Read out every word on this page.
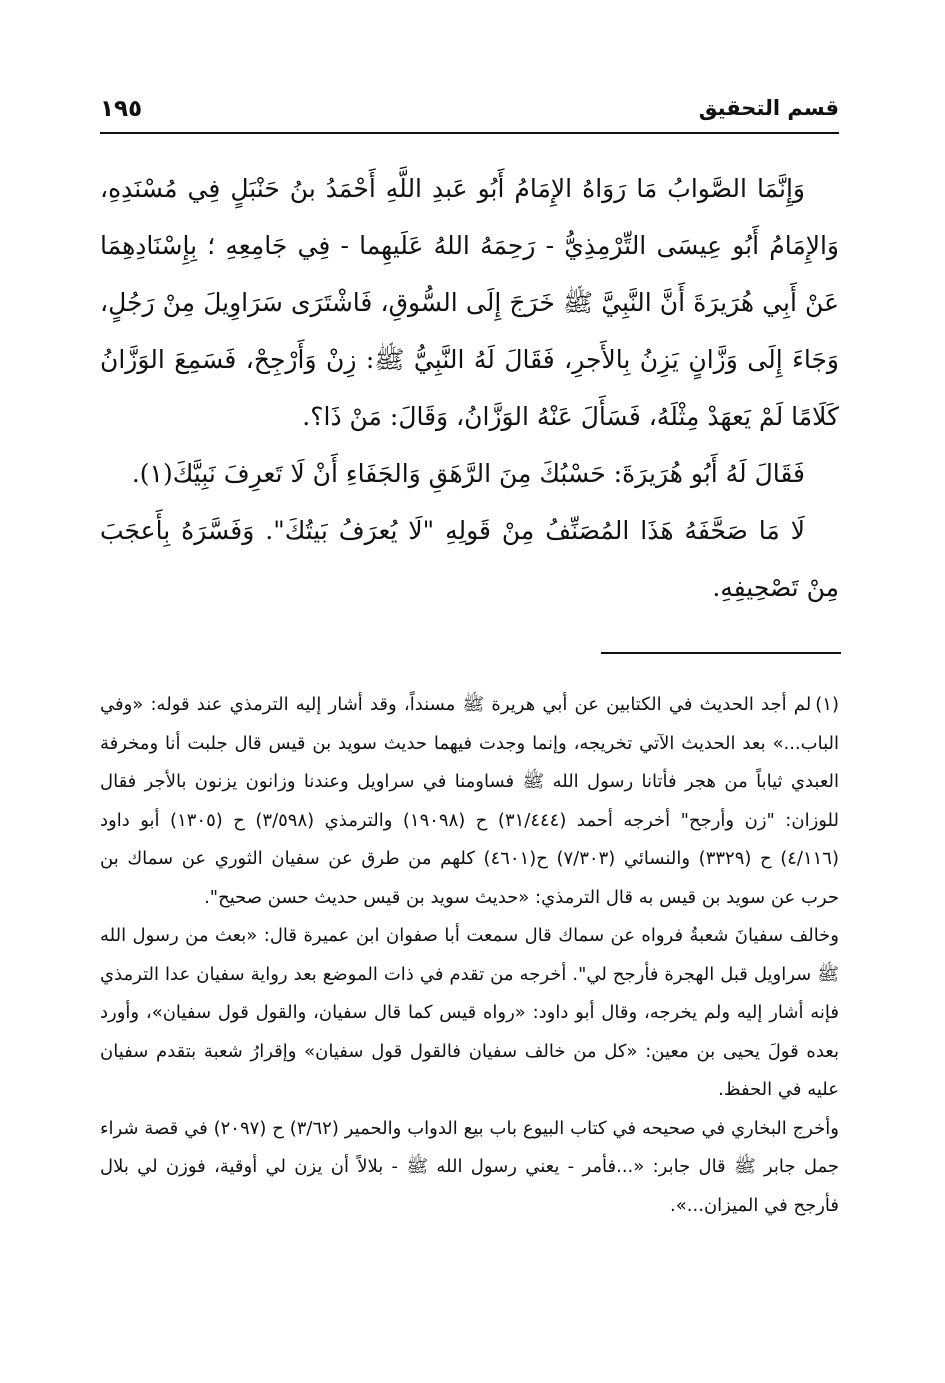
قسم التحقيق
١٩٥

وَإِنَّمَا الصَّوابُ مَا رَوَاهُ الإِمَامُ أَبُو عَبدِ اللَّهِ أَحْمَدُ بنُ حَنْبَلٍ فِي مُسْنَدِهِ، وَالإِمَامُ أَبُو عِيسَى التِّرْمِذِيُّ - رَحِمَهُ اللهُ عَلَيهِما - فِي جَامِعِهِ ؛ بِإِسْنَادِهِمَا عَنْ أَبِي هُرَيرَةَ أَنَّ النَّبِيَّ ﷺ خَرَجَ إِلَى السُّوقِ، فَاشْتَرَى سَرَاوِيلَ مِنْ رَجُلٍ، وَجَاءَ إِلَى وَزَّانٍ يَزِنُ بِالأَجرِ، فَقَالَ لَهُ النَّبِيُّ ﷺ: زِنْ وَأَرْجِحْ، فَسَمِعَ الوَزَّانُ كَلَامًا لَمْ يَعهَدْ مِثْلَهُ، فَسَأَلَ عَنْهُ الوَزَّانُ، وَقَالَ: مَنْ ذَا؟.

فَقَالَ لَهُ أَبُو هُرَيرَةَ: حَسْبُكَ مِنَ الرَّهَقِ وَالجَفَاءِ أَنْ لَا تَعرِفَ نَبِيَّكَ(١).

لَا مَا صَحَّفَهُ هَذَا المُصَنِّفُ مِنْ قَولِهِ "لَا يُعرَفُ بَيتُكَ". وَفَسَّرَهُ بِأَعجَبَ مِنْ تَصْحِيفِهِ.

(١)لم أجد الحديث في الكتابين عن أبي هريرة ﷺ مسنداً، وقد أشار إليه الترمذي عند قوله: «وفي الباب...» بعد الحديث الآتي تخريجه، وإنما وجدت فيهما حديث سويد بن قيس قال جلبت أنا ومخرفة العبدي ثياباً من هجر فأتانا رسول الله ﷺ فساومنا في سراويل وعندنا وزانون يزنون بالأجر فقال للوزان: "زن وأرجح" أخرجه أحمد (٣١/٤٤٤) ح (١٩٠٩٨) والترمذي (٣/٥٩٨) ح (١٣٠٥) أبو داود (٤/١١٦) ح (٣٣٢٩) والنسائي (٧/٣٠٣) ح(٤٦٠١) كلهم من طرق عن سفيان الثوري عن سماك بن حرب عن سويد بن قيس به قال الترمذي: «حديث سويد بن قيس حديث حسن صحيح".

وخالف سفيانَ شعبةُ فرواه عن سماك قال سمعت أبا صفوان ابن عميرة قال: «بعث من رسول الله ﷺ سراويل قبل الهجرة فأرجح لي". أخرجه من تقدم في ذات الموضع بعد رواية سفيان عدا الترمذي فإنه أشار إليه ولم يخرجه، وقال أبو داود: «رواه قيس كما قال سفيان، والقول قول سفيان»، وأورد بعده قولَ يحيى بن معين: «كل من خالف سفيان فالقول قول سفيان» وإقرارُ شعبة بتقدم سفيان عليه في الحفظ.

وأخرج البخاري في صحيحه في كتاب البيوع باب بيع الدواب والحمير (٣/٦٢) ح (٢٠٩٧) في قصة شراء جمل جابر ﷺ قال جابر: «...فأمر - يعني رسول الله ﷺ - بلالاً أن يزن لي أوقية، فوزن لي بلال فأرجح في الميزان...».
